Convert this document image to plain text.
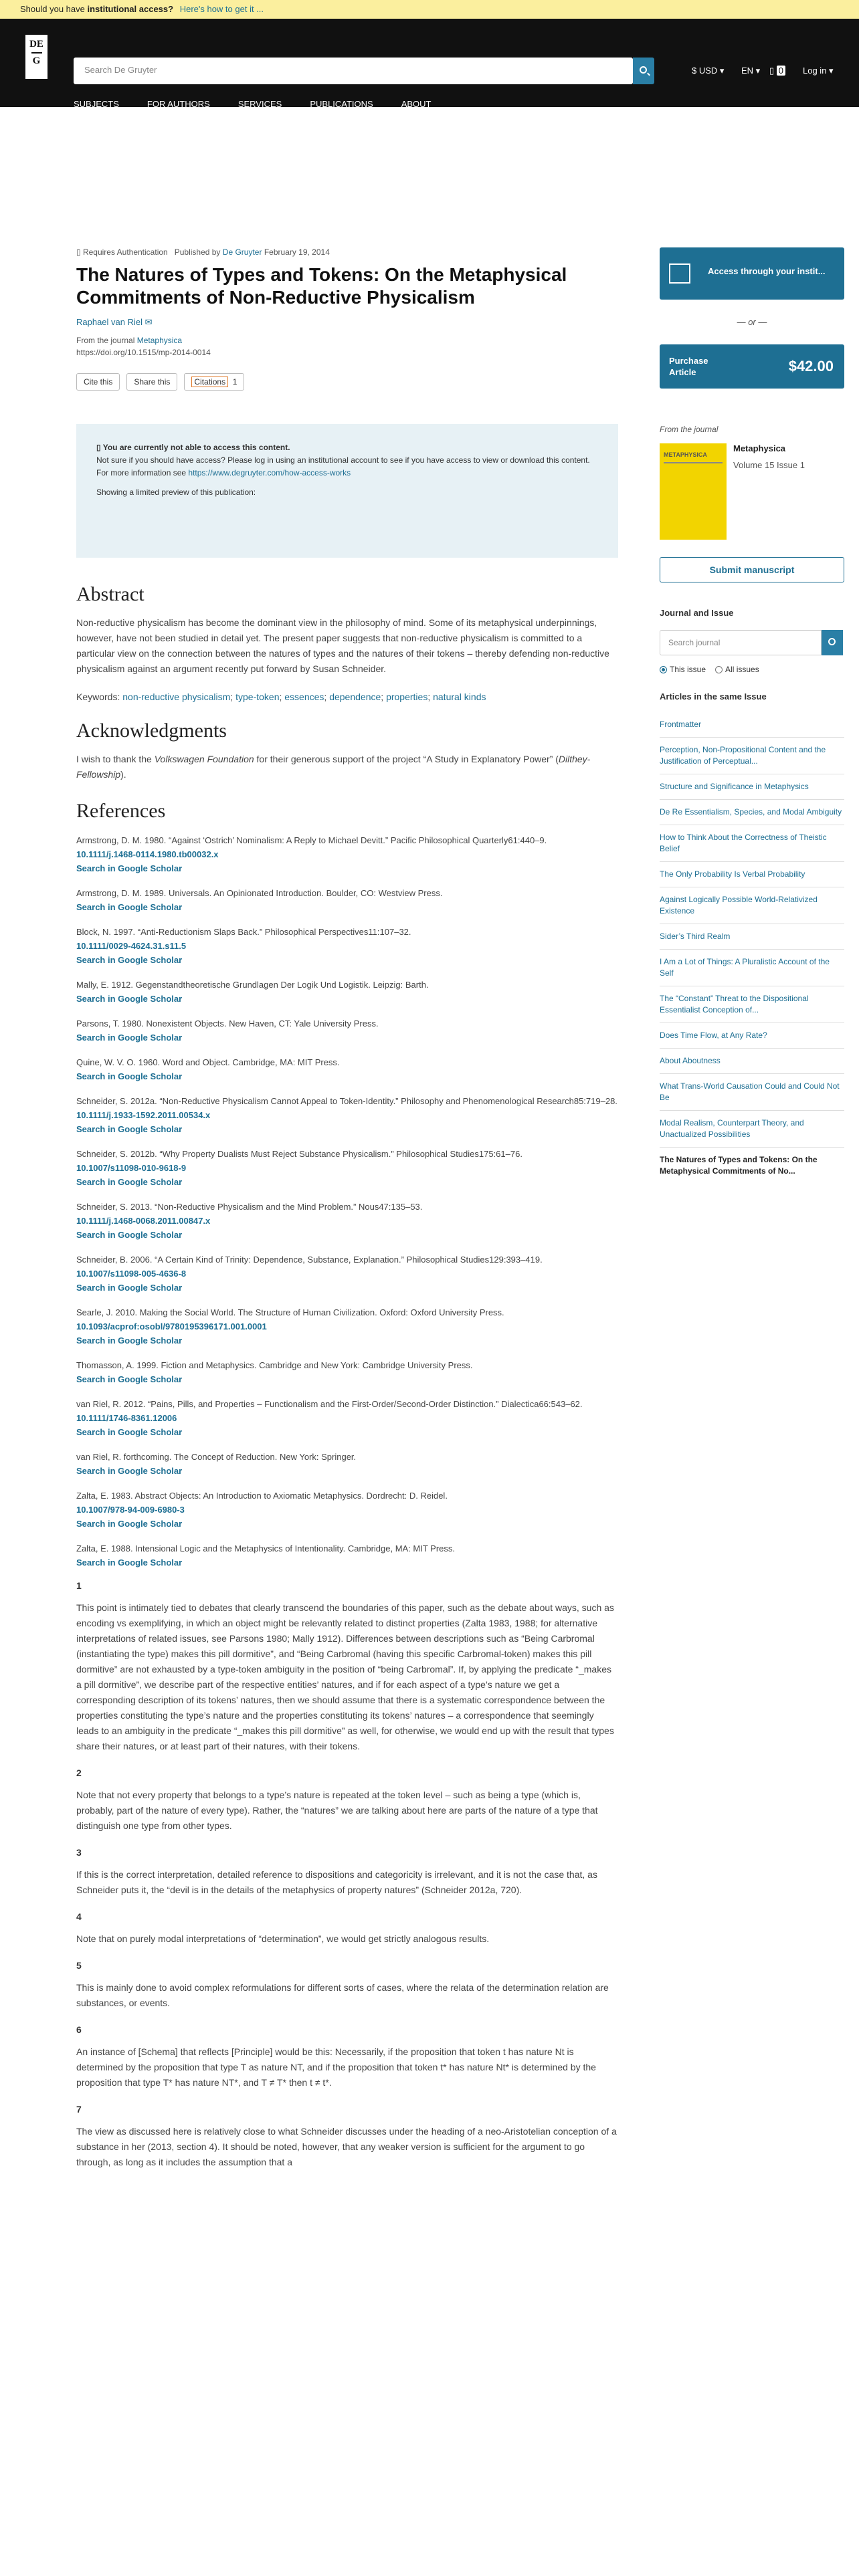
Should you have institutional access? Here's how to get it ...
DE
G
Search De Gruyter	$ USD ▾ EN ▾ ▯ 0 Log in ▾
SUBJECTS	FOR AUTHORS	SERVICES	PUBLICATIONS	ABOUT
▯ Requires Authentication Published by De Gruyter February 19, 2014
The Natures of Types and Tokens: On the Metaphysical Commitments of Non-Reductive Physicalism
Raphael van Riel ✉
From the journal Metaphysica
https://doi.org/10.1515/mp-2014-0014
Cite this	Share this	Citations 1
▯ You are currently not able to access this content.
Not sure if you should have access? Please log in using an institutional account to see if you have access to view or download this content.
For more information see https://www.degruyter.com/how-access-works
Showing a limited preview of this publication:
Abstract

Non-reductive physicalism has become the dominant view in the philosophy of mind. Some of its metaphysical underpinnings, however, have not been studied in detail yet. The present paper suggests that non-reductive physicalism is committed to a particular view on the connection between the natures of types and the natures of their tokens – thereby defending non-reductive physicalism against an argument recently put forward by Susan Schneider.

Keywords: non-reductive physicalism; type-token; essences; dependence; properties; natural kinds
Acknowledgments

I wish to thank the Volkswagen Foundation for their generous support of the project “A Study in Explanatory Power” (Dilthey-Fellowship).

References
Armstrong, D. M. 1980. “Against ‘Ostrich’ Nominalism: A Reply to Michael Devitt.” Pacific Philosophical Quarterly61:440–9.
10.1111/j.1468-0114.1980.tb00032.x
Search in Google Scholar
Armstrong, D. M. 1989. Universals. An Opinionated Introduction. Boulder, CO: Westview Press.
Search in Google Scholar
Block, N. 1997. “Anti-Reductionism Slaps Back.” Philosophical Perspectives11:107–32.
10.1111/0029-4624.31.s11.5
Search in Google Scholar
Mally, E. 1912. Gegenstandtheoretische Grundlagen Der Logik Und Logistik. Leipzig: Barth.
Search in Google Scholar
Parsons, T. 1980. Nonexistent Objects. New Haven, CT: Yale University Press.
Search in Google Scholar
Quine, W. V. O. 1960. Word and Object. Cambridge, MA: MIT Press.
Search in Google Scholar
Schneider, S. 2012a. “Non-Reductive Physicalism Cannot Appeal to Token-Identity.” Philosophy and Phenomenological Research85:719–28.
10.1111/j.1933-1592.2011.00534.x
Search in Google Scholar
Schneider, S. 2012b. “Why Property Dualists Must Reject Substance Physicalism.” Philosophical Studies175:61–76.
10.1007/s11098-010-9618-9
Search in Google Scholar
Schneider, S. 2013. “Non-Reductive Physicalism and the Mind Problem.” Nous47:135–53.
10.1111/j.1468-0068.2011.00847.x
Search in Google Scholar
Schneider, B. 2006. “A Certain Kind of Trinity: Dependence, Substance, Explanation.” Philosophical Studies129:393–419.
10.1007/s11098-005-4636-8
Search in Google Scholar
Searle, J. 2010. Making the Social World. The Structure of Human Civilization. Oxford: Oxford University Press.
10.1093/acprof:osobl/9780195396171.001.0001
Search in Google Scholar
Thomasson, A. 1999. Fiction and Metaphysics. Cambridge and New York: Cambridge University Press.
Search in Google Scholar
van Riel, R. 2012. “Pains, Pills, and Properties – Functionalism and the First-Order/Second-Order Distinction.” Dialectica66:543–62.
10.1111/1746-8361.12006
Search in Google Scholar
van Riel, R. forthcoming. The Concept of Reduction. New York: Springer.
Search in Google Scholar
Zalta, E. 1983. Abstract Objects: An Introduction to Axiomatic Metaphysics. Dordrecht: D. Reidel.
10.1007/978-94-009-6980-3
Search in Google Scholar
Zalta, E. 1988. Intensional Logic and the Metaphysics of Intentionality. Cambridge, MA: MIT Press.
Search in Google Scholar
1

This point is intimately tied to debates that clearly transcend the boundaries of this paper, such as the debate about ways, such as encoding vs exemplifying, in which an object might be relevantly related to distinct properties (Zalta 1983, 1988; for alternative interpretations of related issues, see Parsons 1980; Mally 1912). Differences between descriptions such as “Being Carbromal (instantiating the type) makes this pill dormitive”, and “Being Carbromal (having this specific Carbromal-token) makes this pill dormitive” are not exhausted by a type-token ambiguity in the position of “being Carbromal”. If, by applying the predicate “_makes a pill dormitive”, we describe part of the respective entities’ natures, and if for each aspect of a type’s nature we get a corresponding description of its tokens’ natures, then we should assume that there is a systematic correspondence between the properties constituting the type’s nature and the properties constituting its tokens’ natures – a correspondence that seemingly leads to an ambiguity in the predicate “_makes this pill dormitive” as well, for otherwise, we would end up with the result that types share their natures, or at least part of their natures, with their tokens.

2

Note that not every property that belongs to a type’s nature is repeated at the token level – such as being a type (which is, probably, part of the nature of every type). Rather, the “natures” we are talking about here are parts of the nature of a type that distinguish one type from other types.

3

If this is the correct interpretation, detailed reference to dispositions and categoricity is irrelevant, and it is not the case that, as Schneider puts it, the “devil is in the details of the metaphysics of property natures” (Schneider 2012a, 720).

4

Note that on purely modal interpretations of “determination”, we would get strictly analogous results.

5

This is mainly done to avoid complex reformulations for different sorts of cases, where the relata of the determination relation are substances, or events.

6

An instance of [Schema] that reflects [Principle] would be this: Necessarily, if the proposition that token t has nature Nt is determined by the proposition that type T as nature NT, and if the proposition that token t* has nature Nt* is determined by the proposition that type T* has nature NT*, and T ≠ T* then t ≠ t*.

7

The view as discussed here is relatively close to what Schneider discusses under the heading of a neo-Aristotelian conception of a substance in her (2013, section 4). It should be noted, however, that any weaker version is sufficient for the argument to go through, as long as it includes the assumption that a

Access through your instit...
— or —
Purchase
Article	$42.00
From the journal
METAPHYSICA
Metaphysica
Volume 15 Issue 1
Submit manuscript
Journal and Issue
Search journal
This issue	All issues
Articles in the same Issue
Frontmatter
Perception, Non-Propositional Content and the Justification of Perceptual...
Structure and Significance in Metaphysics
De Re Essentialism, Species, and Modal Ambiguity
How to Think About the Correctness of Theistic Belief
The Only Probability Is Verbal Probability
Against Logically Possible World-Relativized Existence
Sider’s Third Realm
I Am a Lot of Things: A Pluralistic Account of the Self
The “Constant” Threat to the Dispositional Essentialist Conception of...
Does Time Flow, at Any Rate?
About Aboutness
What Trans-World Causation Could and Could Not Be
Modal Realism, Counterpart Theory, and Unactualized Possibilities
The Natures of Types and Tokens: On the Metaphysical Commitments of No...
